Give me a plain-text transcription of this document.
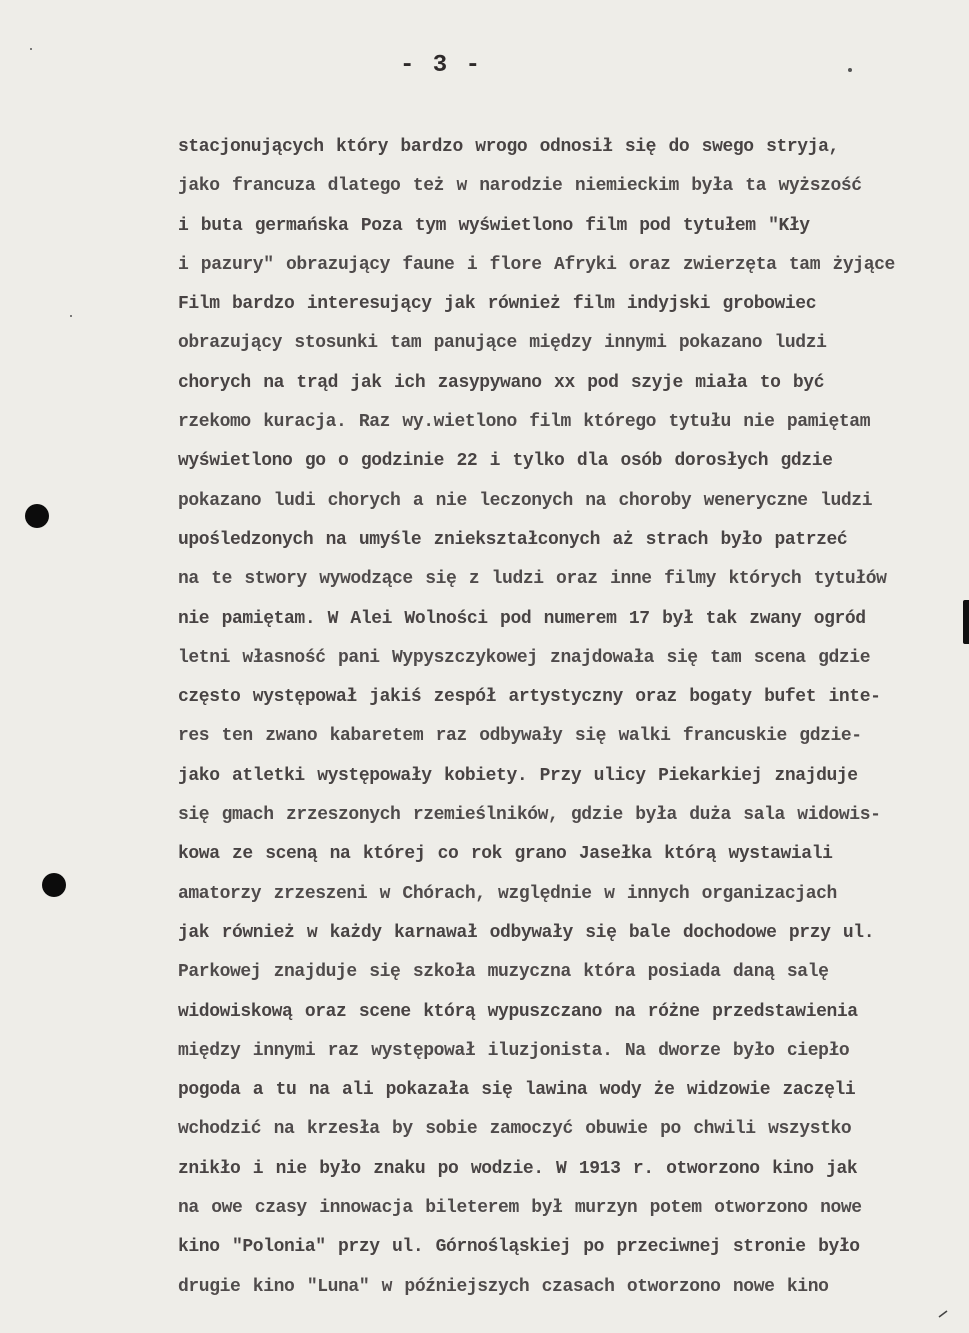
- 3 -
stacjonujących który bardzo wrogo odnosił się do swego stryja,
jako francuza dlatego też w narodzie niemieckim była ta wyższość
i buta germańska Poza tym wyświetlono film pod tytułem "Kły
i pazury" obrazujący faune i flore Afryki oraz zwierzęta tam żyjące
Film bardzo interesujący jak również film indyjski grobowiec
obrazujący stosunki tam panujące między innymi pokazano ludzi
chorych na trąd jak ich zasypywano xx pod szyje miała to być
rzekomo kuracja. Raz wy.wietlono film którego tytułu nie pamiętam
wyświetlono go o godzinie 22 i tylko dla osób dorosłych gdzie
pokazano ludi chorych a nie leczonych na choroby weneryczne ludzi
upośledzonych na umyśle zniekształconych aż strach było patrzeć
na te stwory wywodzące się z ludzi oraz inne filmy których tytułów
nie pamiętam. W Alei Wolności pod numerem 17 był tak zwany ogród
letni własność pani Wypyszczykowej znajdowała się tam scena gdzie
często występował jakiś zespół artystyczny oraz bogaty bufet inte-
res ten zwano kabaretem raz odbywały się walki francuskie gdzie-
jako atletki występowały kobiety. Przy ulicy Piekarkiej znajduje
się gmach zrzeszonych rzemieślników, gdzie była duża sala widowis-
kowa ze sceną na której co rok grano Jasełka którą wystawiali
amatorzy zrzeszeni w Chórach, względnie w innych organizacjach
jak również w każdy karnawał odbywały się bale dochodowe przy ul.
Parkowej znajduje się szkoła muzyczna która posiada daną salę
widowiskową oraz scene którą wypuszczano na różne przedstawienia
między innymi raz występował iluzjonista. Na dworze było ciepło
pogoda a tu na ali pokazała się lawina wody że widzowie zaczęli
wchodzić na krzesła by sobie zamoczyć obuwie po chwili wszystko
znikło i nie było znaku po wodzie. W 1913 r. otworzono kino jak
na owe czasy innowacja bileterem był murzyn potem otworzono nowe
kino "Polonia" przy ul. Górnośląskiej po przeciwnej stronie było
drugie kino "Luna" w późniejszych czasach otworzono nowe kino
